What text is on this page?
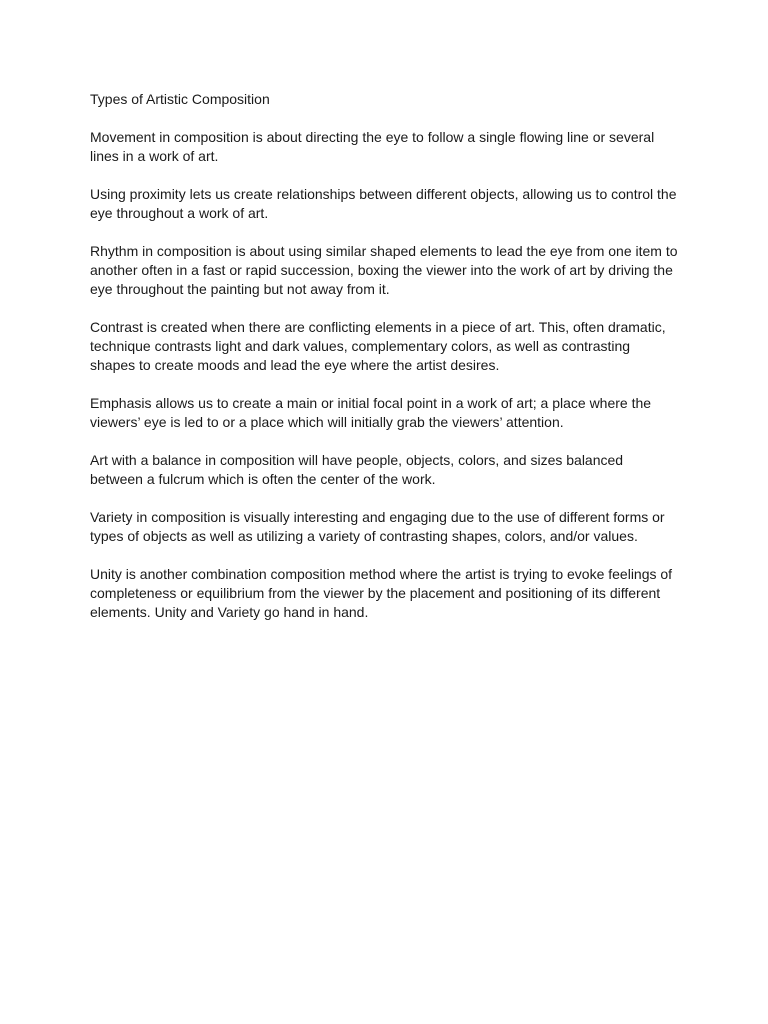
Types of Artistic Composition

Movement in composition is about directing the eye to follow a single flowing line or several lines in a work of art.

Using proximity lets us create relationships between different objects, allowing us to control the eye throughout a work of art.

Rhythm in composition is about using similar shaped elements to lead the eye from one item to another often in a fast or rapid succession, boxing the viewer into the work of art by driving the eye throughout the painting but not away from it.

Contrast is created when there are conflicting elements in a piece of art. This, often dramatic, technique contrasts light and dark values, complementary colors, as well as contrasting shapes to create moods and lead the eye where the artist desires.

Emphasis allows us to create a main or initial focal point in a work of art; a place where the viewers’ eye is led to or a place which will initially grab the viewers’ attention.

Art with a balance in composition will have people, objects, colors, and sizes balanced between a fulcrum which is often the center of the work.

Variety in composition is visually interesting and engaging due to the use of different forms or types of objects as well as utilizing a variety of contrasting shapes, colors, and/or values.

Unity is another combination composition method where the artist is trying to evoke feelings of completeness or equilibrium from the viewer by the placement and positioning of its different elements. Unity and Variety go hand in hand.
